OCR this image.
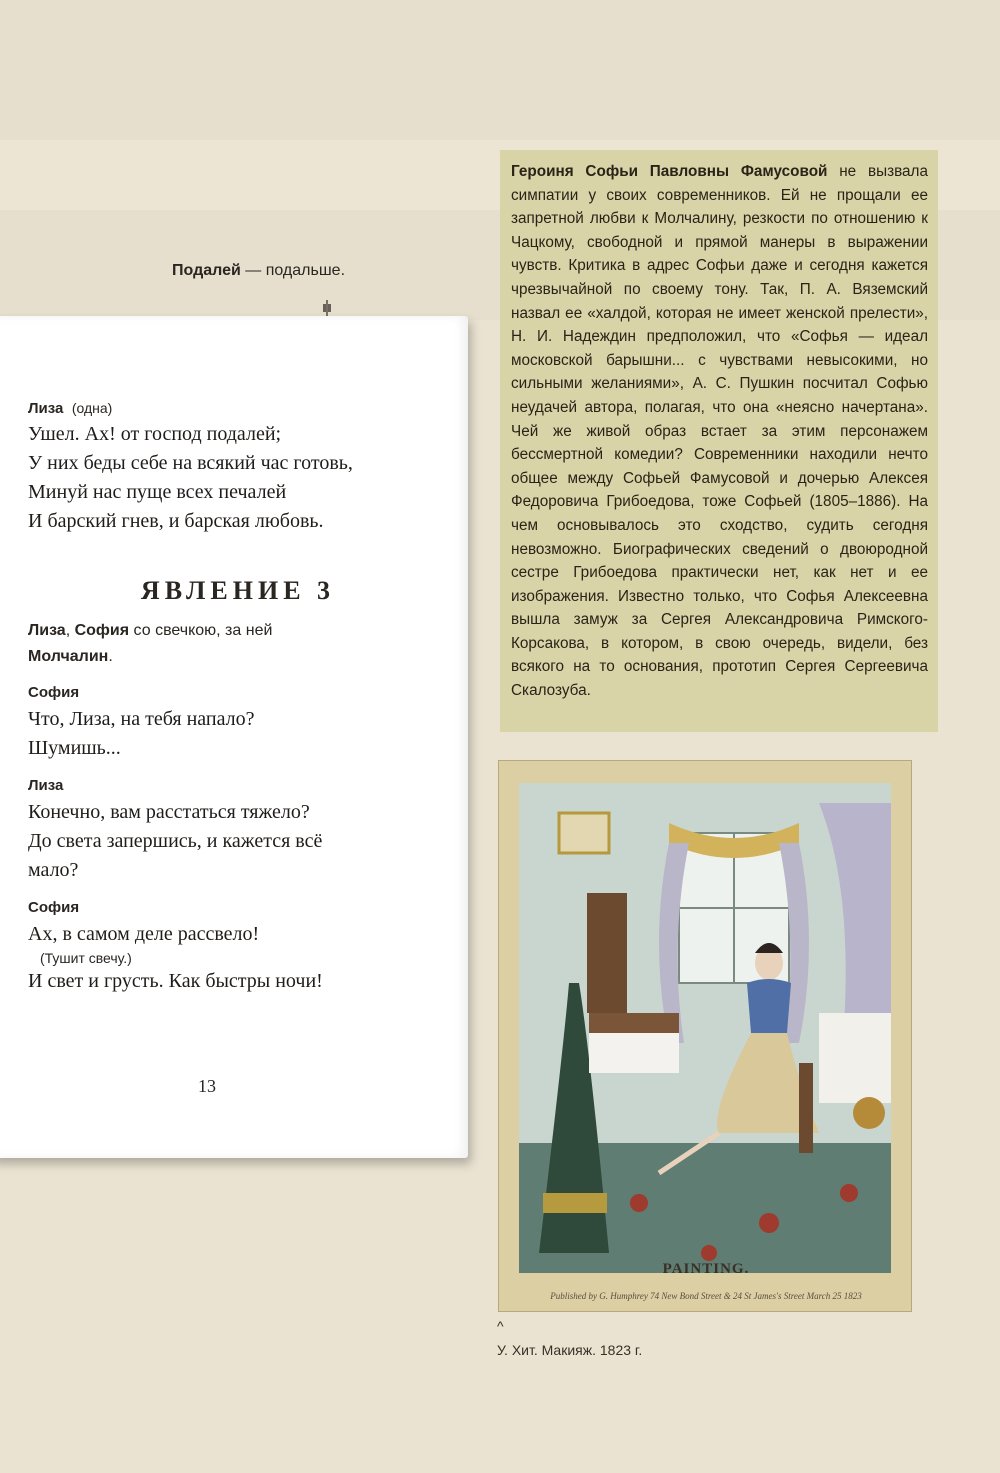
Подалей — подальше.
Лиза (одна)
Ушел. Ах! от господ подалей;
У них беды себе на всякий час готовь,
Минуй нас пуще всех печалей
И барский гнев, и барская любовь.
ЯВЛЕНИЕ 3
Лиза, София со свечкою, за ней
Молчалин.
София
Что, Лиза, на тебя напало?
Шумишь...
Лиза
Конечно, вам расстаться тяжело?
До света запершись, и кажется всё
мало?
София
Ах, в самом деле рассвело!
(Тушит свечу.)
И свет и грусть. Как быстры ночи!
13
Героиня Софьи Павловны Фамусовой не вызвала симпатии у своих современников. Ей не прощали ее запретной любви к Молчалину, резкости по отношению к Чацкому, свободной и прямой манеры в выражении чувств. Критика в адрес Софьи даже и сегодня кажется чрезвычайной по своему тону. Так, П. А. Вяземский назвал ее «халдой, которая не имеет женской прелести», Н. И. Надеждин предположил, что «Софья — идеал московской барышни... с чувствами невысокими, но сильными желаниями», А. С. Пушкин посчитал Софью неудачей автора, полагая, что она «неясно начертана». Чей же живой образ встает за этим персонажем бессмертной комедии? Современники находили нечто общее между Софьей Фамусовой и дочерью Алексея Федоровича Грибоедова, тоже Софьей (1805–1886). На чем основывалось это сходство, судить сегодня невозможно. Биографических сведений о двоюродной сестре Грибоедова практически нет, как нет и ее изображения. Известно только, что Софья Алексеевна вышла замуж за Сергея Александровича Римского-Корсакова, в котором, в свою очередь, видели, без всякого на то основания, прототип Сергея Сергеевича Скалозуба.
PAINTING.
Published by G. Humphrey 74 New Bond Street & 24 St James's Street March 25 1823
^
У. Хит. Макияж. 1823 г.
